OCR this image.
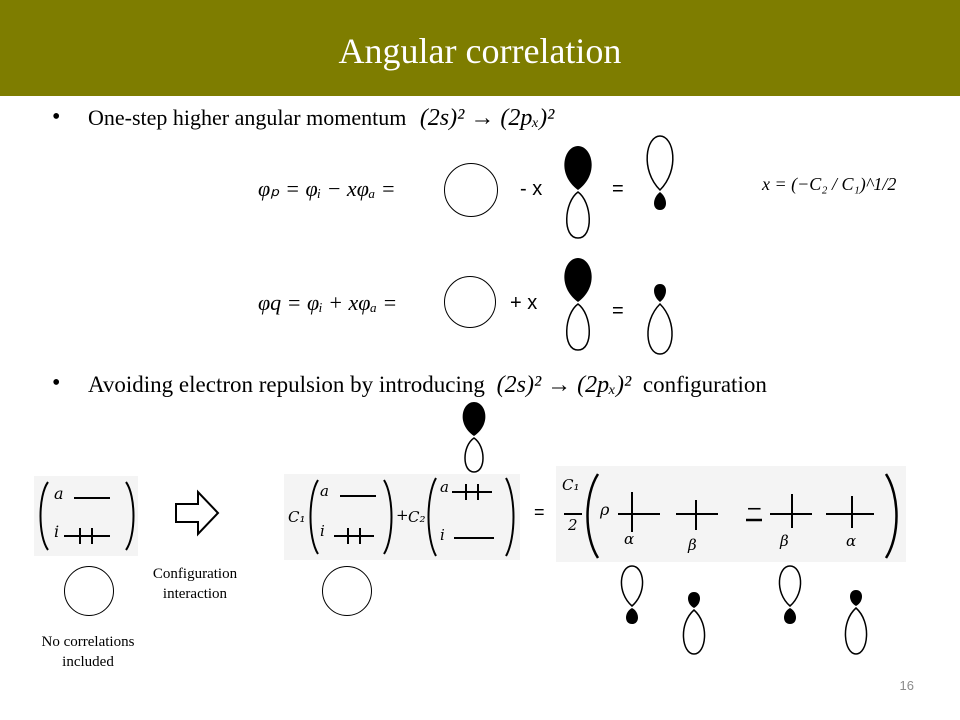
Angular correlation
• One-step higher angular momentum (2s)² → (2pₓ)²
φₚ = φᵢ − xφₐ =	- x	=	x = (−C₂ / C₁)^1/2
φq = φᵢ + xφₐ =	+ x	=
• Avoiding electron repulsion by introducing (2s)² → (2pₓ)² configuration
a
i
Configuration interaction
No correlations included
C₁
a
i
+ C₂
a
i
=
C₁
2
ρ
α	β
−
β	α
16
